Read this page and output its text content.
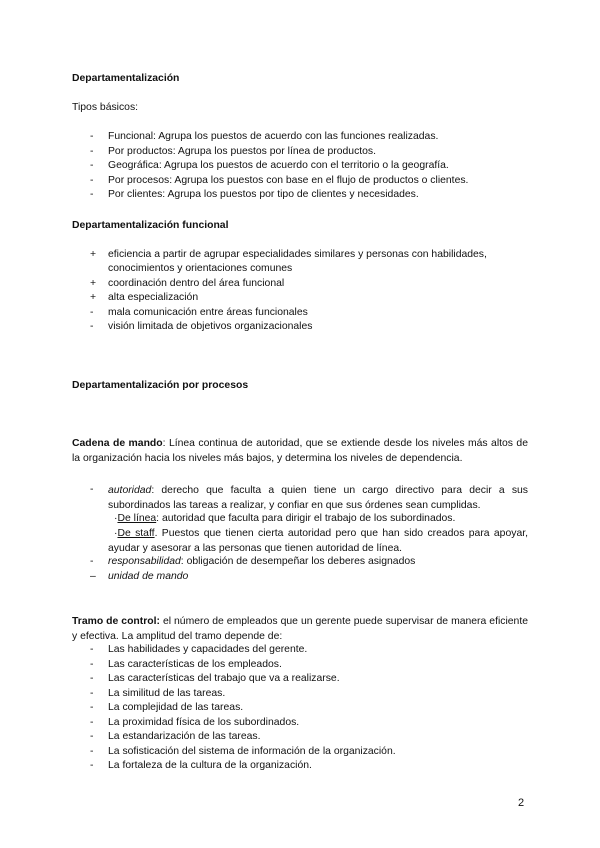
Departamentalización
Tipos básicos:
- Funcional: Agrupa los puestos de acuerdo con las funciones realizadas.
- Por productos: Agrupa los puestos por línea de productos.
- Geográfica: Agrupa los puestos de acuerdo con el territorio o la geografía.
- Por procesos: Agrupa los puestos con base en el flujo de productos o clientes.
- Por clientes: Agrupa los puestos por tipo de clientes y necesidades.
Departamentalización funcional
+ eficiencia a partir de agrupar especialidades similares y personas con habilidades,
conocimientos y orientaciones comunes
+ coordinación dentro del área funcional
+ alta especialización
- mala comunicación entre áreas funcionales
- visión limitada de objetivos organizacionales
Departamentalización por procesos
Cadena de mando: Línea continua de autoridad, que se extiende desde los niveles más altos de la organización hacia los niveles más bajos, y determina los niveles de dependencia.
-	autoridad: derecho que faculta a quien tiene un cargo directivo para decir a sus subordinados las tareas a realizar, y confiar en que sus órdenes sean cumplidas.
·De línea: autoridad que faculta para dirigir el trabajo de los subordinados.
·De staff. Puestos que tienen cierta autoridad pero que han sido creados para apoyar, ayudar y asesorar a las personas que tienen autoridad de línea.
- responsabilidad: obligación de desempeñar los deberes asignados
– unidad de mando
Tramo de control: el número de empleados que un gerente puede supervisar de manera eficiente y efectiva. La amplitud del tramo depende de:
- Las habilidades y capacidades del gerente.
- Las características de los empleados.
- Las características del trabajo que va a realizarse.
- La similitud de las tareas.
- La complejidad de las tareas.
- La proximidad física de los subordinados.
- La estandarización de las tareas.
- La sofisticación del sistema de información de la organización.
- La fortaleza de la cultura de la organización.
2
